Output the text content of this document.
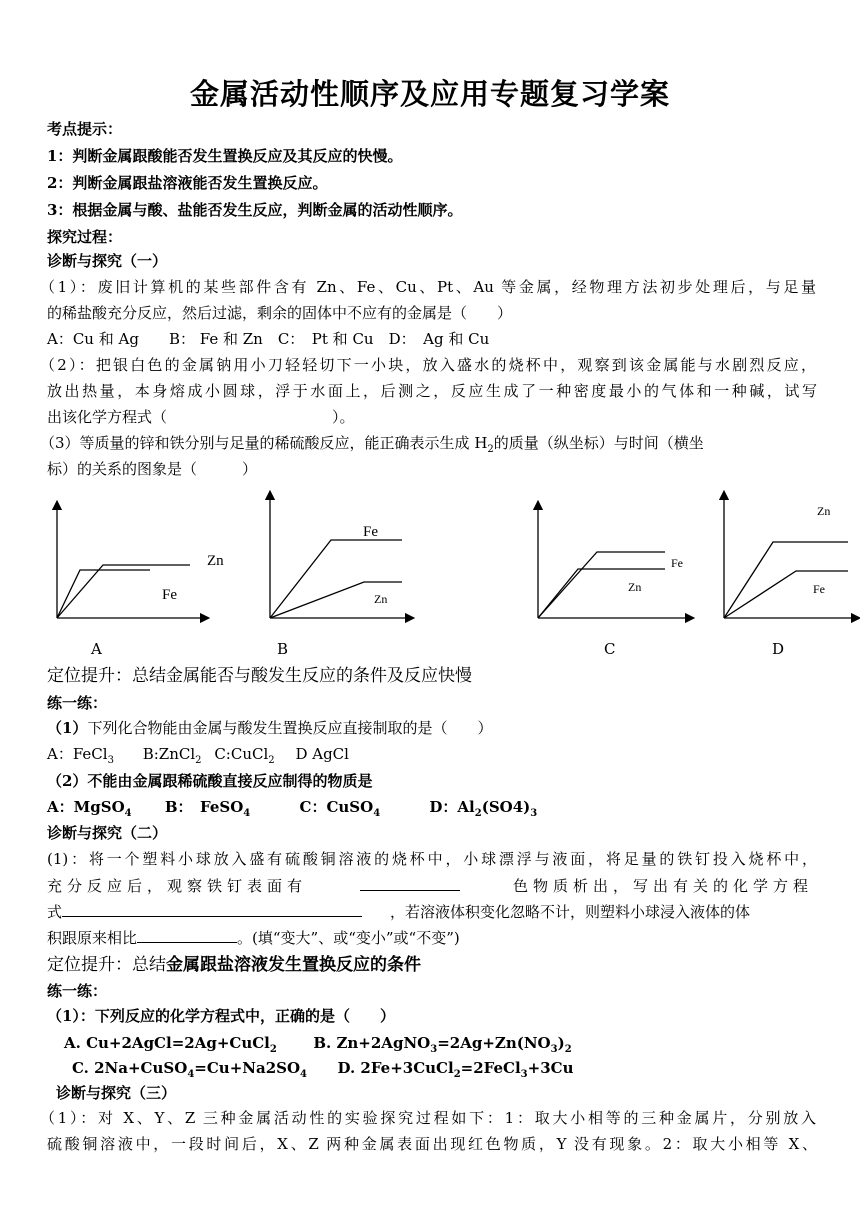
金属活动性顺序及应用专题复习学案
考点提示：
1：判断金属跟酸能否发生置换反应及其反应的快慢。
2：判断金属跟盐溶液能否发生置换反应。
3：根据金属与酸、盐能否发生反应，判断金属的活动性顺序。
探究过程：
诊断与探究（一）
（1）：废旧计算机的某些部件含有 Zn、Fe、Cu、Pt、Au 等金属，经物理方法初步处理后，与足量
的稀盐酸充分反应，然后过滤，剩余的固体中不应有的金属是（　　）
A：Cu 和 Ag　　B： Fe 和 Zn　C：　Pt 和 Cu　D：　Ag 和 Cu
（2）：把银白色的金属钠用小刀轻轻切下一小块，放入盛水的烧杯中，观察到该金属能与水剧烈反应，
放出热量，本身熔成小圆球，浮于水面上，后测之，反应生成了一种密度最小的气体和一种碱，试写
出该化学方程式（　　　　　　　　　　　）。
（3）等质量的锌和铁分别与足量的稀硫酸反应，能正确表示生成 $H_2$的质量（纵坐标）与时间（横坐
标）的关系的图象是（　　　）
Zn
Fe
Fe
Zn
Fe
Zn
Zn
Fe
A	B	C	D
定位提升：总结金属能否与酸发生反应的条件及反应快慢
练一练：
（1）下列化合物能由金属与酸发生置换反应直接制取的是（　　）
A：FeCl$_3$ B:ZnCl$_2$ C:CuCl$_2$ D AgCl
（2）不能由金属跟稀硫酸直接反应制得的物质是
A：MgSO$_4$ B：　FeSO$_4$	C：CuSO$_4$	D：$Al_2(SO4)_3$
诊断与探究（二）
(1)：将一个塑料小球放入盛有硫酸铜溶液的烧杯中，小球漂浮与液面，将足量的铁钉投入烧杯中，
充分反应后，观察铁钉表面有	色物质析出，写出有关的化学方程
式	，若溶液体积变化忽略不计，则塑料小球浸入液体的体
积跟原来相比	。(填“变大”、或“变小”或“不变”)
定位提升：总结金属跟盐溶液发生置换反应的条件
练一练：
（1）：下列反应的化学方程式中，正确的是（　　）
A. Cu+2AgCl=2Ag+CuCl$_2$ B. $Zn+2AgNO_3=2Ag+Zn(NO_3)_2$
C. $2Na+CuSO_4=Cu+Na2SO_4$ D. 2Fe+3CuCl$_2$=2FeCl$_3$+3Cu
诊断与探究（三）
（1）：对 X、Y、Z 三种金属活动性的实验探究过程如下：1：取大小相等的三种金属片，分别放入
硫酸铜溶液中，一段时间后，X、Z 两种金属表面出现红色物质，Y 没有现象。2：取大小相等 X、
